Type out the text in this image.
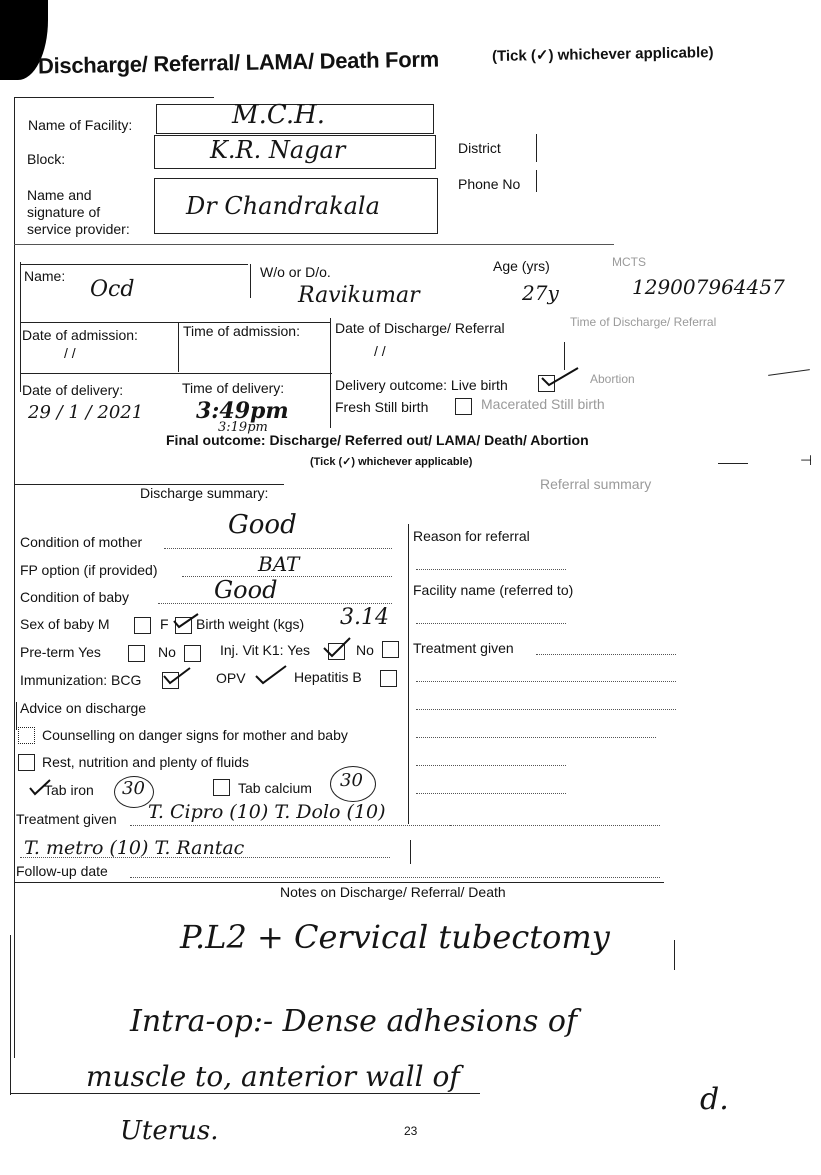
Discharge/ Referral/ LAMA/ Death Form	(Tick (✓) whichever applicable)
Name of Facility:	M.C.H.
Block:	K.R. Nagar	District
Phone No
Name and
signature of
service provider:
Dr Chandrakala
Name:
Ocd
W/o or D/o.
Ravikumar
Age (yrs)
27y
MCTS
129007964457
Date of admission:
/ /
Time of admission:	Date of Discharge/ Referral
/ /
Time of Discharge/ Referral
Date of delivery:
29 / 1 / 2021
Time of delivery:
3:49pm
3:19pm
Delivery outcome: Live birth	Abortion
Fresh Still birth	Macerated Still birth
Final outcome: Discharge/ Referred out/ LAMA/ Death/ Abortion
(Tick (✓) whichever applicable)	⊣
Discharge summary:
Referral summary
Condition of mother
Good
FP option (if provided)	BAT
Condition of baby	Good
Sex of baby M	F Birth weight (kgs) 3.14
Pre-term Yes	No	Inj. Vit K1: Yes	No
Immunization: BCG	OPV	Hepatitis B
Advice on discharge
Counselling on danger signs for mother and baby
Rest, nutrition and plenty of fluids
Tab iron 30	Tab calcium 30
Treatment given T. Cipro (10) T. Dolo (10)
T. metro (10) T. Rantac
Follow-up date
Reason for referral
Facility name (referred to)
Treatment given
Notes on Discharge/ Referral/ Death
P.L2 + Cervical tubectomy
Intra-op:- Dense adhesions of
muscle to, anterior wall of
Uterus.
d.
23
